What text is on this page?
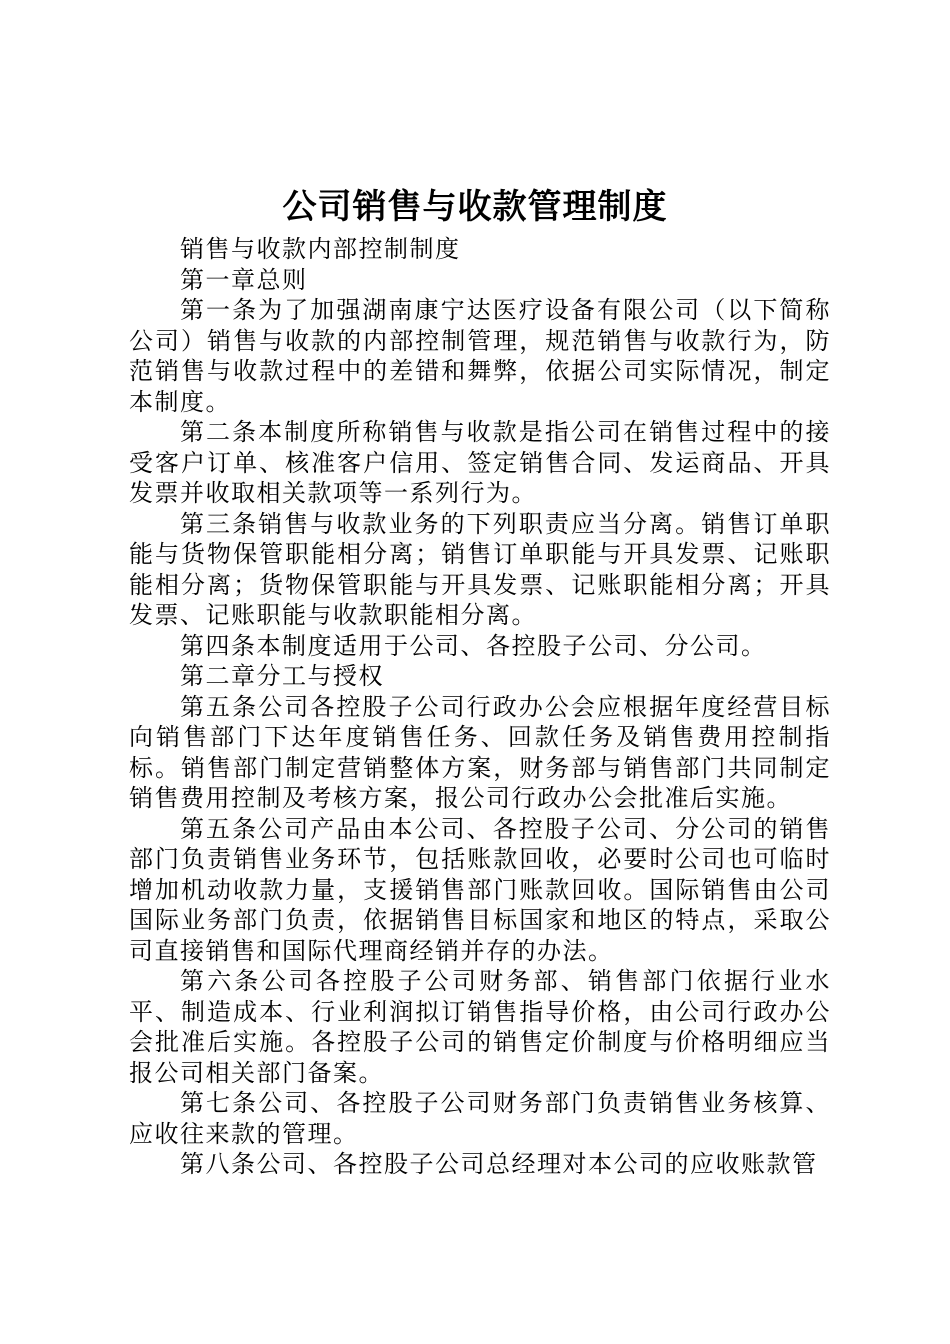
公司销售与收款管理制度

销售与收款内部控制制度

第一章总则

第一条为了加强湖南康宁达医疗设备有限公司（以下简称公司）销售与收款的内部控制管理，规范销售与收款行为，防范销售与收款过程中的差错和舞弊，依据公司实际情况，制定本制度。

第二条本制度所称销售与收款是指公司在销售过程中的接受客户订单、核准客户信用、签定销售合同、发运商品、开具发票并收取相关款项等一系列行为。

第三条销售与收款业务的下列职责应当分离。销售订单职能与货物保管职能相分离；销售订单职能与开具发票、记账职能相分离；货物保管职能与开具发票、记账职能相分离；开具发票、记账职能与收款职能相分离。

第四条本制度适用于公司、各控股子公司、分公司。

第二章分工与授权

第五条公司各控股子公司行政办公会应根据年度经营目标向销售部门下达年度销售任务、回款任务及销售费用控制指标。销售部门制定营销整体方案，财务部与销售部门共同制定销售费用控制及考核方案，报公司行政办公会批准后实施。

第五条公司产品由本公司、各控股子公司、分公司的销售部门负责销售业务环节，包括账款回收，必要时公司也可临时增加机动收款力量，支援销售部门账款回收。国际销售由公司国际业务部门负责，依据销售目标国家和地区的特点，采取公司直接销售和国际代理商经销并存的办法。

第六条公司各控股子公司财务部、销售部门依据行业水平、制造成本、行业利润拟订销售指导价格，由公司行政办公会批准后实施。各控股子公司的销售定价制度与价格明细应当报公司相关部门备案。

第七条公司、各控股子公司财务部门负责销售业务核算、应收往来款的管理。

第八条公司、各控股子公司总经理对本公司的应收账款管
